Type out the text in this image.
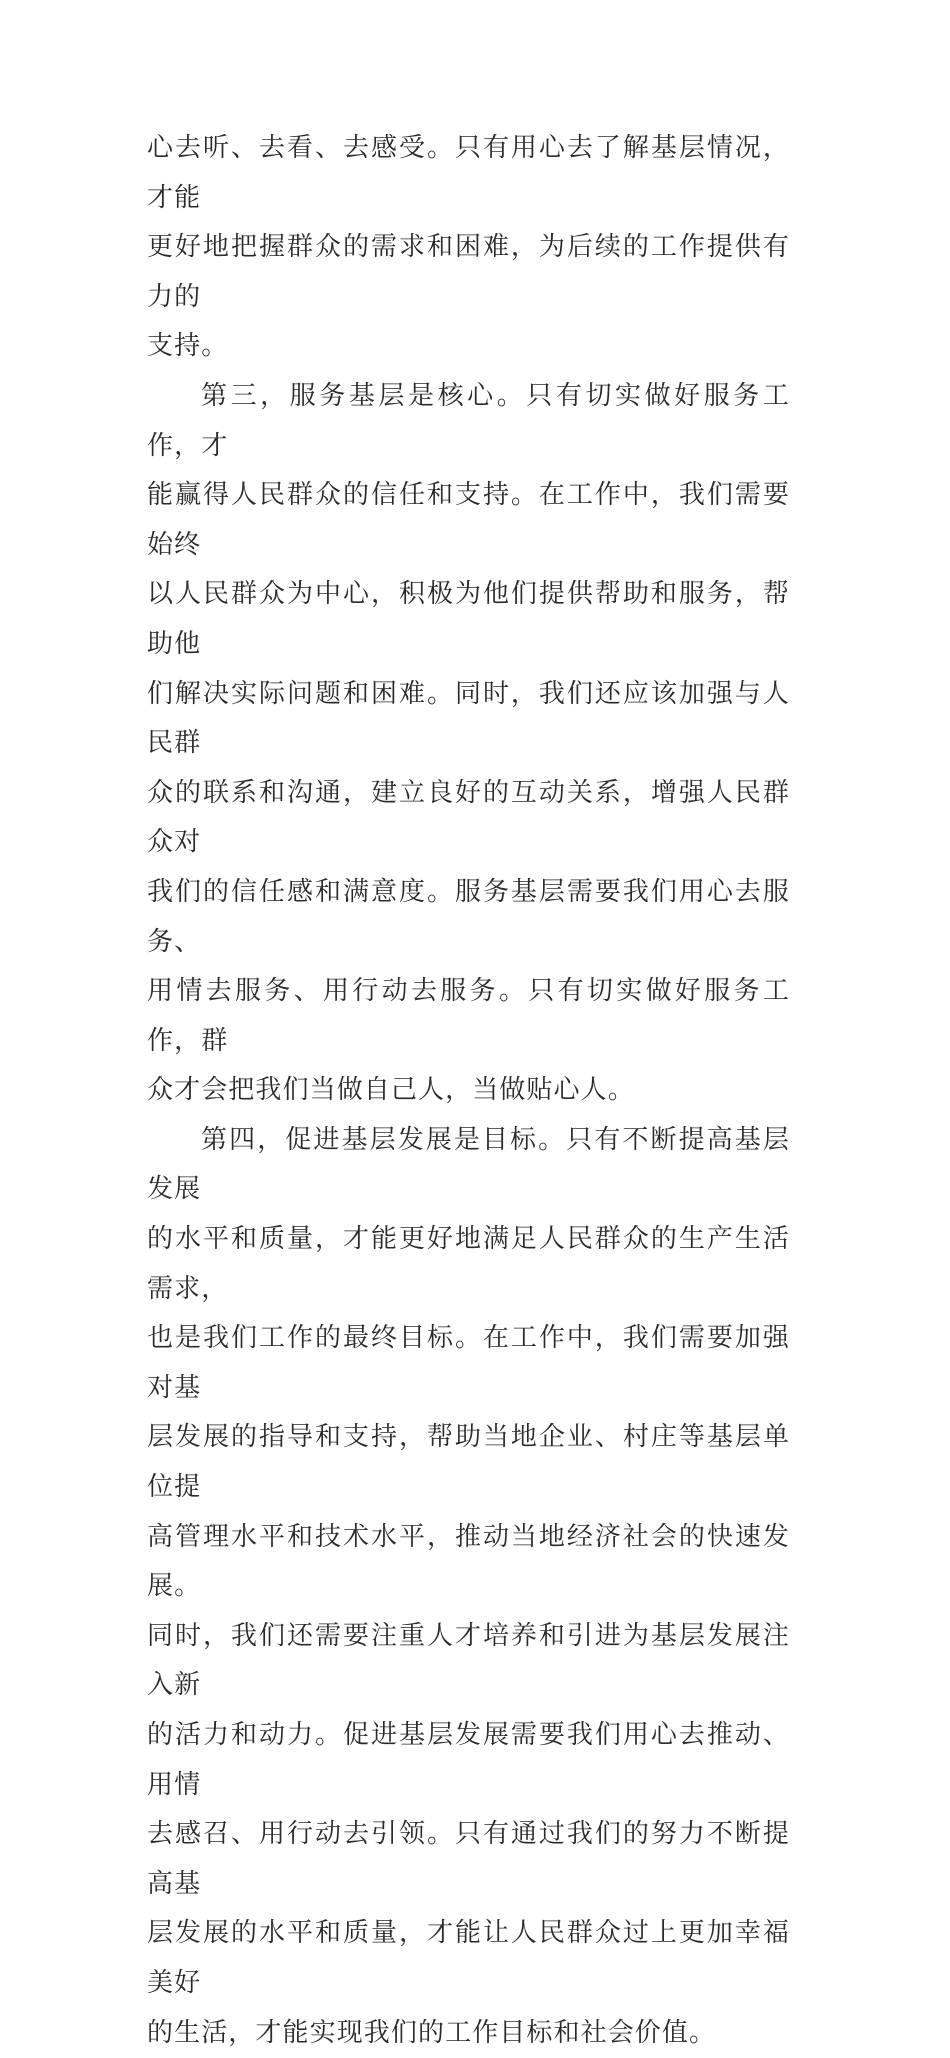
心去听、去看、去感受。只有用心去了解基层情况，才能
更好地把握群众的需求和困难，为后续的工作提供有力的
支持。
第三，服务基层是核心。只有切实做好服务工作，才
能赢得人民群众的信任和支持。在工作中，我们需要始终
以人民群众为中心，积极为他们提供帮助和服务，帮助他
们解决实际问题和困难。同时，我们还应该加强与人民群
众的联系和沟通，建立良好的互动关系，增强人民群众对
我们的信任感和满意度。服务基层需要我们用心去服务、
用情去服务、用行动去服务。只有切实做好服务工作，群
众才会把我们当做自己人，当做贴心人。
第四，促进基层发展是目标。只有不断提高基层发展
的水平和质量，才能更好地满足人民群众的生产生活需求，
也是我们工作的最终目标。在工作中，我们需要加强对基
层发展的指导和支持，帮助当地企业、村庄等基层单位提
高管理水平和技术水平，推动当地经济社会的快速发展。
同时，我们还需要注重人才培养和引进为基层发展注入新
的活力和动力。促进基层发展需要我们用心去推动、用情
去感召、用行动去引领。只有通过我们的努力不断提高基
层发展的水平和质量，才能让人民群众过上更加幸福美好
的生活，才能实现我们的工作目标和社会价值。
